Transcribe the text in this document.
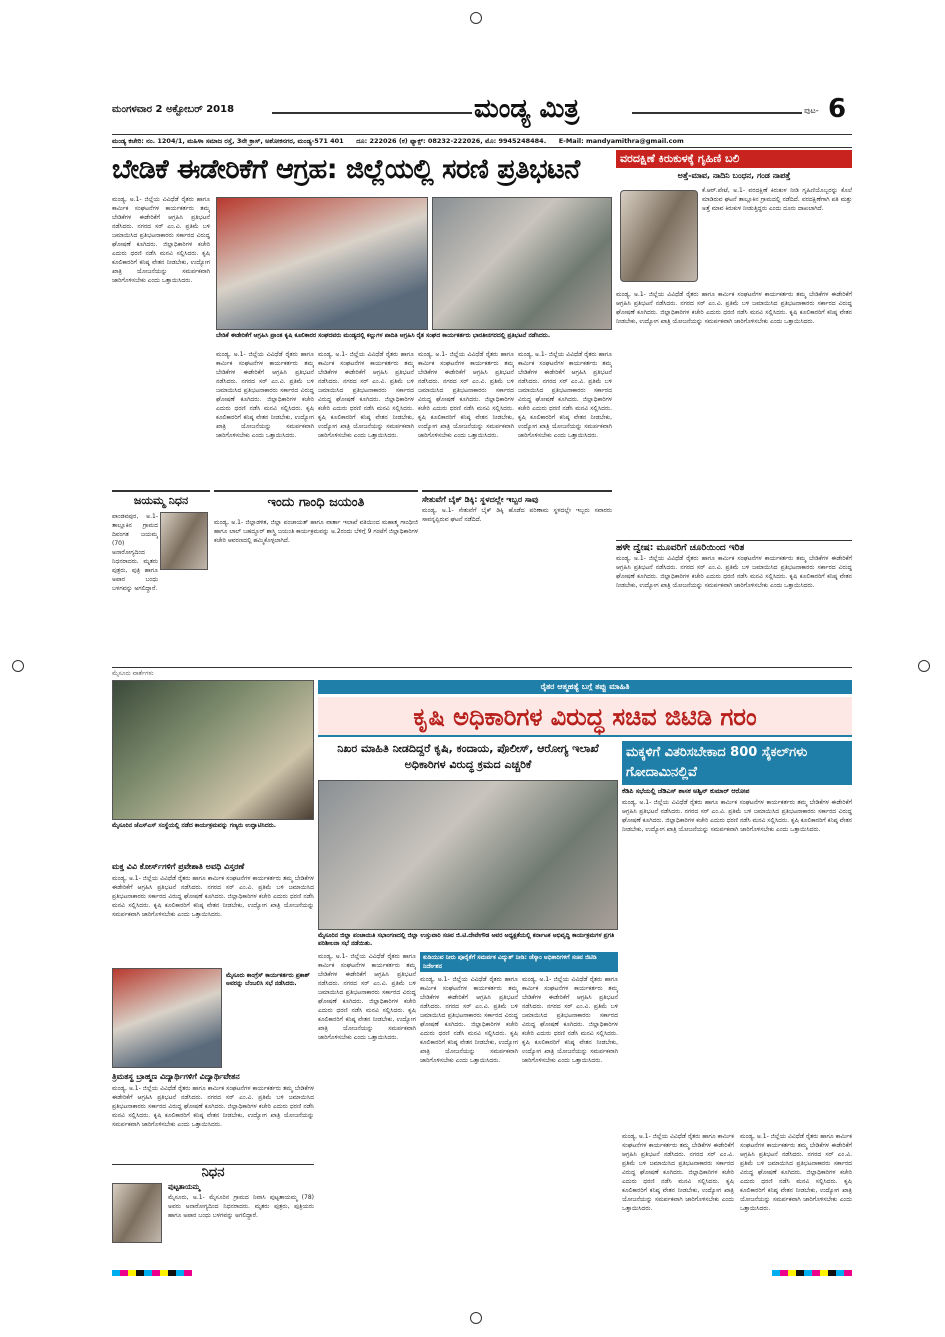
ಮಂಗಳವಾರ 2 ಅಕ್ಟೋಬರ್ 2018	ಮಂಡ್ಯ ಮಿತ್ರ	ಪುಟ- 6
ಮಂಡ್ಯ ಕಚೇರಿ: ನಂ. 1204/1, ಮಹಿಳಾ ಸಮಾಜ ರಸ್ತೆ, 3ನೇ ಕ್ರಾಸ್, ಅಶೋಕನಗರ, ಮಂಡ್ಯ-571 401 ದೂ: 222026 (ಕ) ಫ್ಯಾಕ್ಸ್: 08232-222026, ಮೊ: 9945248484. E-Mail: mandyamithra@gmail.com
ಬೇಡಿಕೆ ಈಡೇರಿಕೆಗೆ ಆಗ್ರಹ: ಜಿಲ್ಲೆಯಲ್ಲಿ ಸರಣಿ ಪ್ರತಿಭಟನೆ
ಮಂಡ್ಯ, ಅ.1- ಜಿಲ್ಲೆಯ ವಿವಿಧೆಡೆ ರೈತರು ಹಾಗೂ ಕಾರ್ಮಿಕ ಸಂಘಟನೆಗಳ ಕಾರ್ಯಕರ್ತರು ತಮ್ಮ ಬೇಡಿಕೆಗಳ ಈಡೇರಿಕೆಗೆ ಆಗ್ರಹಿಸಿ ಪ್ರತಿಭಟನೆ ನಡೆಸಿದರು. ನಗರದ ಸರ್ ಎಂ.ವಿ. ಪ್ರತಿಮೆ ಬಳಿ ಜಮಾಯಿಸಿದ ಪ್ರತಿಭಟನಾಕಾರರು ಸರ್ಕಾರದ ವಿರುದ್ಧ ಘೋಷಣೆ ಕೂಗಿದರು. ಜಿಲ್ಲಾಧಿಕಾರಿಗಳ ಕಚೇರಿ ಎದುರು ಧರಣಿ ನಡೆಸಿ ಮನವಿ ಸಲ್ಲಿಸಿದರು. ಕೃಷಿ ಕೂಲಿಕಾರರಿಗೆ ಕನಿಷ್ಠ ವೇತನ ನೀಡಬೇಕು, ಉದ್ಯೋಗ ಖಾತ್ರಿ ಯೋಜನೆಯನ್ನು ಸಮರ್ಪಕವಾಗಿ ಜಾರಿಗೊಳಿಸಬೇಕು ಎಂದು ಒತ್ತಾಯಿಸಿದರು.
ಬೇಡಿಕೆ ಈಡೇರಿಕೆಗೆ ಆಗ್ರಹಿಸಿ ಪ್ರಾಂತ ಕೃಷಿ ಕೂಲಿಕಾರರ ಸಂಘದವರು ಮಂಡ್ಯದಲ್ಲಿ ಕಲ್ಲುಗಳ ಪಾದಿತಿ ಆಗ್ರಹಿಸಿ ರೈತ ಸಂಘದ ಕಾರ್ಯಕರ್ತರು ಭಾರತೀನಗರದಲ್ಲಿ ಪ್ರತಿಭಟನೆ ನಡೆಸಿದರು.
ಮಂಡ್ಯ, ಅ.1- ಜಿಲ್ಲೆಯ ವಿವಿಧೆಡೆ ರೈತರು ಹಾಗೂ ಕಾರ್ಮಿಕ ಸಂಘಟನೆಗಳ ಕಾರ್ಯಕರ್ತರು ತಮ್ಮ ಬೇಡಿಕೆಗಳ ಈಡೇರಿಕೆಗೆ ಆಗ್ರಹಿಸಿ ಪ್ರತಿಭಟನೆ ನಡೆಸಿದರು. ನಗರದ ಸರ್ ಎಂ.ವಿ. ಪ್ರತಿಮೆ ಬಳಿ ಜಮಾಯಿಸಿದ ಪ್ರತಿಭಟನಾಕಾರರು ಸರ್ಕಾರದ ವಿರುದ್ಧ ಘೋಷಣೆ ಕೂಗಿದರು. ಜಿಲ್ಲಾಧಿಕಾರಿಗಳ ಕಚೇರಿ ಎದುರು ಧರಣಿ ನಡೆಸಿ ಮನವಿ ಸಲ್ಲಿಸಿದರು. ಕೃಷಿ ಕೂಲಿಕಾರರಿಗೆ ಕನಿಷ್ಠ ವೇತನ ನೀಡಬೇಕು, ಉದ್ಯೋಗ ಖಾತ್ರಿ ಯೋಜನೆಯನ್ನು ಸಮರ್ಪಕವಾಗಿ ಜಾರಿಗೊಳಿಸಬೇಕು ಎಂದು ಒತ್ತಾಯಿಸಿದರು.
ಮಂಡ್ಯ, ಅ.1- ಜಿಲ್ಲೆಯ ವಿವಿಧೆಡೆ ರೈತರು ಹಾಗೂ ಕಾರ್ಮಿಕ ಸಂಘಟನೆಗಳ ಕಾರ್ಯಕರ್ತರು ತಮ್ಮ ಬೇಡಿಕೆಗಳ ಈಡೇರಿಕೆಗೆ ಆಗ್ರಹಿಸಿ ಪ್ರತಿಭಟನೆ ನಡೆಸಿದರು. ನಗರದ ಸರ್ ಎಂ.ವಿ. ಪ್ರತಿಮೆ ಬಳಿ ಜಮಾಯಿಸಿದ ಪ್ರತಿಭಟನಾಕಾರರು ಸರ್ಕಾರದ ವಿರುದ್ಧ ಘೋಷಣೆ ಕೂಗಿದರು. ಜಿಲ್ಲಾಧಿಕಾರಿಗಳ ಕಚೇರಿ ಎದುರು ಧರಣಿ ನಡೆಸಿ ಮನವಿ ಸಲ್ಲಿಸಿದರು. ಕೃಷಿ ಕೂಲಿಕಾರರಿಗೆ ಕನಿಷ್ಠ ವೇತನ ನೀಡಬೇಕು, ಉದ್ಯೋಗ ಖಾತ್ರಿ ಯೋಜನೆಯನ್ನು ಸಮರ್ಪಕವಾಗಿ ಜಾರಿಗೊಳಿಸಬೇಕು ಎಂದು ಒತ್ತಾಯಿಸಿದರು.
ಮಂಡ್ಯ, ಅ.1- ಜಿಲ್ಲೆಯ ವಿವಿಧೆಡೆ ರೈತರು ಹಾಗೂ ಕಾರ್ಮಿಕ ಸಂಘಟನೆಗಳ ಕಾರ್ಯಕರ್ತರು ತಮ್ಮ ಬೇಡಿಕೆಗಳ ಈಡೇರಿಕೆಗೆ ಆಗ್ರಹಿಸಿ ಪ್ರತಿಭಟನೆ ನಡೆಸಿದರು. ನಗರದ ಸರ್ ಎಂ.ವಿ. ಪ್ರತಿಮೆ ಬಳಿ ಜಮಾಯಿಸಿದ ಪ್ರತಿಭಟನಾಕಾರರು ಸರ್ಕಾರದ ವಿರುದ್ಧ ಘೋಷಣೆ ಕೂಗಿದರು. ಜಿಲ್ಲಾಧಿಕಾರಿಗಳ ಕಚೇರಿ ಎದುರು ಧರಣಿ ನಡೆಸಿ ಮನವಿ ಸಲ್ಲಿಸಿದರು. ಕೃಷಿ ಕೂಲಿಕಾರರಿಗೆ ಕನಿಷ್ಠ ವೇತನ ನೀಡಬೇಕು, ಉದ್ಯೋಗ ಖಾತ್ರಿ ಯೋಜನೆಯನ್ನು ಸಮರ್ಪಕವಾಗಿ ಜಾರಿಗೊಳಿಸಬೇಕು ಎಂದು ಒತ್ತಾಯಿಸಿದರು.
ಮಂಡ್ಯ, ಅ.1- ಜಿಲ್ಲೆಯ ವಿವಿಧೆಡೆ ರೈತರು ಹಾಗೂ ಕಾರ್ಮಿಕ ಸಂಘಟನೆಗಳ ಕಾರ್ಯಕರ್ತರು ತಮ್ಮ ಬೇಡಿಕೆಗಳ ಈಡೇರಿಕೆಗೆ ಆಗ್ರಹಿಸಿ ಪ್ರತಿಭಟನೆ ನಡೆಸಿದರು. ನಗರದ ಸರ್ ಎಂ.ವಿ. ಪ್ರತಿಮೆ ಬಳಿ ಜಮಾಯಿಸಿದ ಪ್ರತಿಭಟನಾಕಾರರು ಸರ್ಕಾರದ ವಿರುದ್ಧ ಘೋಷಣೆ ಕೂಗಿದರು. ಜಿಲ್ಲಾಧಿಕಾರಿಗಳ ಕಚೇರಿ ಎದುರು ಧರಣಿ ನಡೆಸಿ ಮನವಿ ಸಲ್ಲಿಸಿದರು. ಕೃಷಿ ಕೂಲಿಕಾರರಿಗೆ ಕನಿಷ್ಠ ವೇತನ ನೀಡಬೇಕು, ಉದ್ಯೋಗ ಖಾತ್ರಿ ಯೋಜನೆಯನ್ನು ಸಮರ್ಪಕವಾಗಿ ಜಾರಿಗೊಳಿಸಬೇಕು ಎಂದು ಒತ್ತಾಯಿಸಿದರು.
ಜಯಮ್ಮ ನಿಧನ
ಪಾಂಡವಪುರ, ಅ.1- ತಾಲ್ಲೂಕಿನ ಗ್ರಾಮದ ದಿವಂಗತ ಜಯಮ್ಮ (70) ಅನಾರೋಗ್ಯದಿಂದ ನಿಧನರಾದರು. ಮೃತರು ಪುತ್ರರು, ಪುತ್ರಿ ಹಾಗೂ ಅಪಾರ ಬಂಧು ಬಳಗವನ್ನು ಅಗಲಿದ್ದಾರೆ.
ಇಂದು ಗಾಂಧಿ ಜಯಂತಿ
ಮಂಡ್ಯ, ಅ.1- ಜಿಲ್ಲಾಡಳಿತ, ಜಿಲ್ಲಾ ಪಂಚಾಯತ್ ಹಾಗೂ ವಾರ್ತಾ ಇಲಾಖೆ ವತಿಯಿಂದ ಮಹಾತ್ಮ ಗಾಂಧೀಜಿ ಹಾಗೂ ಲಾಲ್ ಬಹದ್ದೂರ್ ಶಾಸ್ತ್ರಿ ಜಯಂತಿ ಕಾರ್ಯಕ್ರಮವನ್ನು ಅ.2ರಂದು ಬೆಳಿಗ್ಗೆ 9 ಗಂಟೆಗೆ ಜಿಲ್ಲಾಧಿಕಾರಿಗಳ ಕಚೇರಿ ಆವರಣದಲ್ಲಿ ಹಮ್ಮಿಕೊಳ್ಳಲಾಗಿದೆ.
ಸೇತುವೆಗೆ ಬೈಕ್ ಡಿಕ್ಕಿ: ಸ್ಥಳದಲ್ಲೇ ಇಬ್ಬರ ಸಾವು
ಮಂಡ್ಯ, ಅ.1- ಸೇತುವೆಗೆ ಬೈಕ್ ಡಿಕ್ಕಿ ಹೊಡೆದ ಪರಿಣಾಮ ಸ್ಥಳದಲ್ಲೇ ಇಬ್ಬರು ಸವಾರರು ಸಾವನ್ನಪ್ಪಿರುವ ಘಟನೆ ನಡೆದಿದೆ.
ವರದಕ್ಷಿಣೆ ಕಿರುಕುಳಕ್ಕೆ ಗೃಹಿಣಿ ಬಲಿ
ಅತ್ತೆ-ಮಾವ, ನಾದಿನಿ ಬಂಧನ, ಗಂಡ ನಾಪತ್ತೆ
ಕೆ.ಆರ್.ಪೇಟೆ, ಅ.1- ವರದಕ್ಷಿಣೆ ಕಿರುಕುಳ ನೀಡಿ ಗೃಹಿಣಿಯೊಬ್ಬರನ್ನು ಕೊಲೆ ಮಾಡಿರುವ ಘಟನೆ ತಾಲ್ಲೂಕಿನ ಗ್ರಾಮದಲ್ಲಿ ನಡೆದಿದೆ. ವರದಕ್ಷಿಣೆಗಾಗಿ ಪತಿ ಮತ್ತು ಅತ್ತೆ ಮಾವ ಕಿರುಕುಳ ನೀಡುತ್ತಿದ್ದರು ಎಂದು ದೂರು ದಾಖಲಾಗಿದೆ.
ಮಂಡ್ಯ, ಅ.1- ಜಿಲ್ಲೆಯ ವಿವಿಧೆಡೆ ರೈತರು ಹಾಗೂ ಕಾರ್ಮಿಕ ಸಂಘಟನೆಗಳ ಕಾರ್ಯಕರ್ತರು ತಮ್ಮ ಬೇಡಿಕೆಗಳ ಈಡೇರಿಕೆಗೆ ಆಗ್ರಹಿಸಿ ಪ್ರತಿಭಟನೆ ನಡೆಸಿದರು. ನಗರದ ಸರ್ ಎಂ.ವಿ. ಪ್ರತಿಮೆ ಬಳಿ ಜಮಾಯಿಸಿದ ಪ್ರತಿಭಟನಾಕಾರರು ಸರ್ಕಾರದ ವಿರುದ್ಧ ಘೋಷಣೆ ಕೂಗಿದರು. ಜಿಲ್ಲಾಧಿಕಾರಿಗಳ ಕಚೇರಿ ಎದುರು ಧರಣಿ ನಡೆಸಿ ಮನವಿ ಸಲ್ಲಿಸಿದರು. ಕೃಷಿ ಕೂಲಿಕಾರರಿಗೆ ಕನಿಷ್ಠ ವೇತನ ನೀಡಬೇಕು, ಉದ್ಯೋಗ ಖಾತ್ರಿ ಯೋಜನೆಯನ್ನು ಸಮರ್ಪಕವಾಗಿ ಜಾರಿಗೊಳಿಸಬೇಕು ಎಂದು ಒತ್ತಾಯಿಸಿದರು.
ಹಳೇ ದ್ವೇಷ: ಮೂವರಿಗೆ ಚೂರಿಯಿಂದ ಇರಿತ
ಮಂಡ್ಯ, ಅ.1- ಜಿಲ್ಲೆಯ ವಿವಿಧೆಡೆ ರೈತರು ಹಾಗೂ ಕಾರ್ಮಿಕ ಸಂಘಟನೆಗಳ ಕಾರ್ಯಕರ್ತರು ತಮ್ಮ ಬೇಡಿಕೆಗಳ ಈಡೇರಿಕೆಗೆ ಆಗ್ರಹಿಸಿ ಪ್ರತಿಭಟನೆ ನಡೆಸಿದರು. ನಗರದ ಸರ್ ಎಂ.ವಿ. ಪ್ರತಿಮೆ ಬಳಿ ಜಮಾಯಿಸಿದ ಪ್ರತಿಭಟನಾಕಾರರು ಸರ್ಕಾರದ ವಿರುದ್ಧ ಘೋಷಣೆ ಕೂಗಿದರು. ಜಿಲ್ಲಾಧಿಕಾರಿಗಳ ಕಚೇರಿ ಎದುರು ಧರಣಿ ನಡೆಸಿ ಮನವಿ ಸಲ್ಲಿಸಿದರು. ಕೃಷಿ ಕೂಲಿಕಾರರಿಗೆ ಕನಿಷ್ಠ ವೇತನ ನೀಡಬೇಕು, ಉದ್ಯೋಗ ಖಾತ್ರಿ ಯೋಜನೆಯನ್ನು ಸಮರ್ಪಕವಾಗಿ ಜಾರಿಗೊಳಿಸಬೇಕು ಎಂದು ಒತ್ತಾಯಿಸಿದರು.
ಮೈಸೂರು ವಾರ್ತೆಗಳು
ಮೈಸೂರಿನ ಜೆಎಸ್‌ಎಸ್ ಸಂಸ್ಥೆಯಲ್ಲಿ ನಡೆದ ಕಾರ್ಯಕ್ರಮವನ್ನು ಗಣ್ಯರು ಉದ್ಘಾಟಿಸಿದರು.
ಮಕ್ತ ವಿವಿ ಕೋರ್ಸ್‌ಗಳಿಗೆ ಪ್ರವೇಶಾತಿ ಅವಧಿ ವಿಸ್ತರಣೆ
ಮಂಡ್ಯ, ಅ.1- ಜಿಲ್ಲೆಯ ವಿವಿಧೆಡೆ ರೈತರು ಹಾಗೂ ಕಾರ್ಮಿಕ ಸಂಘಟನೆಗಳ ಕಾರ್ಯಕರ್ತರು ತಮ್ಮ ಬೇಡಿಕೆಗಳ ಈಡೇರಿಕೆಗೆ ಆಗ್ರಹಿಸಿ ಪ್ರತಿಭಟನೆ ನಡೆಸಿದರು. ನಗರದ ಸರ್ ಎಂ.ವಿ. ಪ್ರತಿಮೆ ಬಳಿ ಜಮಾಯಿಸಿದ ಪ್ರತಿಭಟನಾಕಾರರು ಸರ್ಕಾರದ ವಿರುದ್ಧ ಘೋಷಣೆ ಕೂಗಿದರು. ಜಿಲ್ಲಾಧಿಕಾರಿಗಳ ಕಚೇರಿ ಎದುರು ಧರಣಿ ನಡೆಸಿ ಮನವಿ ಸಲ್ಲಿಸಿದರು. ಕೃಷಿ ಕೂಲಿಕಾರರಿಗೆ ಕನಿಷ್ಠ ವೇತನ ನೀಡಬೇಕು, ಉದ್ಯೋಗ ಖಾತ್ರಿ ಯೋಜನೆಯನ್ನು ಸಮರ್ಪಕವಾಗಿ ಜಾರಿಗೊಳಿಸಬೇಕು ಎಂದು ಒತ್ತಾಯಿಸಿದರು.
ಮೈಸೂರು ಕಾಂಗ್ರೆಸ್ ಕಾರ್ಯಕರ್ತರು ಪ್ರಕಾಶ್ ಅವರನ್ನು ಬೆಂಬಲಿಸಿ ಸಭೆ ನಡೆಸಿದರು.
ತ್ರಿಮತಸ್ಥ ಬ್ರಾಹ್ಮಣ ವಿದ್ಯಾರ್ಥಿಗಳಿಗೆ ವಿದ್ಯಾರ್ಥಿವೇತನ
ಮಂಡ್ಯ, ಅ.1- ಜಿಲ್ಲೆಯ ವಿವಿಧೆಡೆ ರೈತರು ಹಾಗೂ ಕಾರ್ಮಿಕ ಸಂಘಟನೆಗಳ ಕಾರ್ಯಕರ್ತರು ತಮ್ಮ ಬೇಡಿಕೆಗಳ ಈಡೇರಿಕೆಗೆ ಆಗ್ರಹಿಸಿ ಪ್ರತಿಭಟನೆ ನಡೆಸಿದರು. ನಗರದ ಸರ್ ಎಂ.ವಿ. ಪ್ರತಿಮೆ ಬಳಿ ಜಮಾಯಿಸಿದ ಪ್ರತಿಭಟನಾಕಾರರು ಸರ್ಕಾರದ ವಿರುದ್ಧ ಘೋಷಣೆ ಕೂಗಿದರು. ಜಿಲ್ಲಾಧಿಕಾರಿಗಳ ಕಚೇರಿ ಎದುರು ಧರಣಿ ನಡೆಸಿ ಮನವಿ ಸಲ್ಲಿಸಿದರು. ಕೃಷಿ ಕೂಲಿಕಾರರಿಗೆ ಕನಿಷ್ಠ ವೇತನ ನೀಡಬೇಕು, ಉದ್ಯೋಗ ಖಾತ್ರಿ ಯೋಜನೆಯನ್ನು ಸಮರ್ಪಕವಾಗಿ ಜಾರಿಗೊಳಿಸಬೇಕು ಎಂದು ಒತ್ತಾಯಿಸಿದರು.
ನಿಧನ
ಪುಟ್ಟತಾಯಮ್ಮ
ಮೈಸೂರು, ಅ.1- ಮೈಸೂರಿನ ಗ್ರಾಮದ ನಿವಾಸಿ ಪುಟ್ಟತಾಯಮ್ಮ (78) ಅವರು ಅನಾರೋಗ್ಯದಿಂದ ನಿಧನರಾದರು. ಮೃತರು ಪುತ್ರರು, ಪುತ್ರಿಯರು ಹಾಗೂ ಅಪಾರ ಬಂಧು ಬಳಗವನ್ನು ಅಗಲಿದ್ದಾರೆ.
ರೈತರ ಆತ್ಮಹತ್ಯೆ ಬಗ್ಗೆ ತಪ್ಪು ಮಾಹಿತಿ
ಕೃಷಿ ಅಧಿಕಾರಿಗಳ ವಿರುದ್ಧ ಸಚಿವ ಜಿಟಿಡಿ ಗರಂ
ನಿಖರ ಮಾಹಿತಿ ನೀಡದಿದ್ದರೆ ಕೃಷಿ, ಕಂದಾಯ, ಪೊಲೀಸ್, ಆರೋಗ್ಯ ಇಲಾಖೆ ಅಧಿಕಾರಿಗಳ ವಿರುದ್ಧ ಕ್ರಮದ ಎಚ್ಚರಿಕೆ
ಮೈಸೂರಿನ ಜಿಲ್ಲಾ ಪಂಚಾಯಿತಿ ಸಭಾಂಗಣದಲ್ಲಿ ಜಿಲ್ಲಾ ಉಸ್ತುವಾರಿ ಸಚಿವ ಜಿ.ಟಿ.ದೇವೇಗೌಡ ಅವರ ಅಧ್ಯಕ್ಷತೆಯಲ್ಲಿ ಕರ್ನಾಟಕ ಅಭಿವೃದ್ಧಿ ಕಾರ್ಯಕ್ರಮಗಳ ಪ್ರಗತಿ ಪರಿಶೀಲನಾ ಸಭೆ ನಡೆಯಿತು.
ಮಂಡ್ಯ, ಅ.1- ಜಿಲ್ಲೆಯ ವಿವಿಧೆಡೆ ರೈತರು ಹಾಗೂ ಕಾರ್ಮಿಕ ಸಂಘಟನೆಗಳ ಕಾರ್ಯಕರ್ತರು ತಮ್ಮ ಬೇಡಿಕೆಗಳ ಈಡೇರಿಕೆಗೆ ಆಗ್ರಹಿಸಿ ಪ್ರತಿಭಟನೆ ನಡೆಸಿದರು. ನಗರದ ಸರ್ ಎಂ.ವಿ. ಪ್ರತಿಮೆ ಬಳಿ ಜಮಾಯಿಸಿದ ಪ್ರತಿಭಟನಾಕಾರರು ಸರ್ಕಾರದ ವಿರುದ್ಧ ಘೋಷಣೆ ಕೂಗಿದರು. ಜಿಲ್ಲಾಧಿಕಾರಿಗಳ ಕಚೇರಿ ಎದುರು ಧರಣಿ ನಡೆಸಿ ಮನವಿ ಸಲ್ಲಿಸಿದರು. ಕೃಷಿ ಕೂಲಿಕಾರರಿಗೆ ಕನಿಷ್ಠ ವೇತನ ನೀಡಬೇಕು, ಉದ್ಯೋಗ ಖಾತ್ರಿ ಯೋಜನೆಯನ್ನು ಸಮರ್ಪಕವಾಗಿ ಜಾರಿಗೊಳಿಸಬೇಕು ಎಂದು ಒತ್ತಾಯಿಸಿದರು.
ಕುಡಿಯುವ ನೀರು ಪೂರೈಕೆಗೆ ಸಮರ್ಪಕ ವಿದ್ಯುತ್ ನೀಡಿ: ಚೆಸ್ಕಾಂ ಅಧಿಕಾರಿಗಳಿಗೆ ಸಚಿವ ಜಿಟಿಡಿ ನಿರ್ದೇಶನ
ಮಂಡ್ಯ, ಅ.1- ಜಿಲ್ಲೆಯ ವಿವಿಧೆಡೆ ರೈತರು ಹಾಗೂ ಕಾರ್ಮಿಕ ಸಂಘಟನೆಗಳ ಕಾರ್ಯಕರ್ತರು ತಮ್ಮ ಬೇಡಿಕೆಗಳ ಈಡೇರಿಕೆಗೆ ಆಗ್ರಹಿಸಿ ಪ್ರತಿಭಟನೆ ನಡೆಸಿದರು. ನಗರದ ಸರ್ ಎಂ.ವಿ. ಪ್ರತಿಮೆ ಬಳಿ ಜಮಾಯಿಸಿದ ಪ್ರತಿಭಟನಾಕಾರರು ಸರ್ಕಾರದ ವಿರುದ್ಧ ಘೋಷಣೆ ಕೂಗಿದರು. ಜಿಲ್ಲಾಧಿಕಾರಿಗಳ ಕಚೇರಿ ಎದುರು ಧರಣಿ ನಡೆಸಿ ಮನವಿ ಸಲ್ಲಿಸಿದರು. ಕೃಷಿ ಕೂಲಿಕಾರರಿಗೆ ಕನಿಷ್ಠ ವೇತನ ನೀಡಬೇಕು, ಉದ್ಯೋಗ ಖಾತ್ರಿ ಯೋಜನೆಯನ್ನು ಸಮರ್ಪಕವಾಗಿ ಜಾರಿಗೊಳಿಸಬೇಕು ಎಂದು ಒತ್ತಾಯಿಸಿದರು.
ಮಂಡ್ಯ, ಅ.1- ಜಿಲ್ಲೆಯ ವಿವಿಧೆಡೆ ರೈತರು ಹಾಗೂ ಕಾರ್ಮಿಕ ಸಂಘಟನೆಗಳ ಕಾರ್ಯಕರ್ತರು ತಮ್ಮ ಬೇಡಿಕೆಗಳ ಈಡೇರಿಕೆಗೆ ಆಗ್ರಹಿಸಿ ಪ್ರತಿಭಟನೆ ನಡೆಸಿದರು. ನಗರದ ಸರ್ ಎಂ.ವಿ. ಪ್ರತಿಮೆ ಬಳಿ ಜಮಾಯಿಸಿದ ಪ್ರತಿಭಟನಾಕಾರರು ಸರ್ಕಾರದ ವಿರುದ್ಧ ಘೋಷಣೆ ಕೂಗಿದರು. ಜಿಲ್ಲಾಧಿಕಾರಿಗಳ ಕಚೇರಿ ಎದುರು ಧರಣಿ ನಡೆಸಿ ಮನವಿ ಸಲ್ಲಿಸಿದರು. ಕೃಷಿ ಕೂಲಿಕಾರರಿಗೆ ಕನಿಷ್ಠ ವೇತನ ನೀಡಬೇಕು, ಉದ್ಯೋಗ ಖಾತ್ರಿ ಯೋಜನೆಯನ್ನು ಸಮರ್ಪಕವಾಗಿ ಜಾರಿಗೊಳಿಸಬೇಕು ಎಂದು ಒತ್ತಾಯಿಸಿದರು.
ಮಕ್ಕಳಿಗೆ ವಿತರಿಸಬೇಕಾದ 800 ಸೈಕಲ್‌ಗಳು ಗೋದಾಮಿನಲ್ಲಿವೆ
ಕೆಡಿಪಿ ಸಭೆಯಲ್ಲಿ ಜೆಡಿಎಸ್ ಶಾಸಕ ಅಶ್ವಿನ್ ಕುಮಾರ್ ಆರೋಪ
ಮಂಡ್ಯ, ಅ.1- ಜಿಲ್ಲೆಯ ವಿವಿಧೆಡೆ ರೈತರು ಹಾಗೂ ಕಾರ್ಮಿಕ ಸಂಘಟನೆಗಳ ಕಾರ್ಯಕರ್ತರು ತಮ್ಮ ಬೇಡಿಕೆಗಳ ಈಡೇರಿಕೆಗೆ ಆಗ್ರಹಿಸಿ ಪ್ರತಿಭಟನೆ ನಡೆಸಿದರು. ನಗರದ ಸರ್ ಎಂ.ವಿ. ಪ್ರತಿಮೆ ಬಳಿ ಜಮಾಯಿಸಿದ ಪ್ರತಿಭಟನಾಕಾರರು ಸರ್ಕಾರದ ವಿರುದ್ಧ ಘೋಷಣೆ ಕೂಗಿದರು. ಜಿಲ್ಲಾಧಿಕಾರಿಗಳ ಕಚೇರಿ ಎದುರು ಧರಣಿ ನಡೆಸಿ ಮನವಿ ಸಲ್ಲಿಸಿದರು. ಕೃಷಿ ಕೂಲಿಕಾರರಿಗೆ ಕನಿಷ್ಠ ವೇತನ ನೀಡಬೇಕು, ಉದ್ಯೋಗ ಖಾತ್ರಿ ಯೋಜನೆಯನ್ನು ಸಮರ್ಪಕವಾಗಿ ಜಾರಿಗೊಳಿಸಬೇಕು ಎಂದು ಒತ್ತಾಯಿಸಿದರು.
ಮಂಡ್ಯ, ಅ.1- ಜಿಲ್ಲೆಯ ವಿವಿಧೆಡೆ ರೈತರು ಹಾಗೂ ಕಾರ್ಮಿಕ ಸಂಘಟನೆಗಳ ಕಾರ್ಯಕರ್ತರು ತಮ್ಮ ಬೇಡಿಕೆಗಳ ಈಡೇರಿಕೆಗೆ ಆಗ್ರಹಿಸಿ ಪ್ರತಿಭಟನೆ ನಡೆಸಿದರು. ನಗರದ ಸರ್ ಎಂ.ವಿ. ಪ್ರತಿಮೆ ಬಳಿ ಜಮಾಯಿಸಿದ ಪ್ರತಿಭಟನಾಕಾರರು ಸರ್ಕಾರದ ವಿರುದ್ಧ ಘೋಷಣೆ ಕೂಗಿದರು. ಜಿಲ್ಲಾಧಿಕಾರಿಗಳ ಕಚೇರಿ ಎದುರು ಧರಣಿ ನಡೆಸಿ ಮನವಿ ಸಲ್ಲಿಸಿದರು. ಕೃಷಿ ಕೂಲಿಕಾರರಿಗೆ ಕನಿಷ್ಠ ವೇತನ ನೀಡಬೇಕು, ಉದ್ಯೋಗ ಖಾತ್ರಿ ಯೋಜನೆಯನ್ನು ಸಮರ್ಪಕವಾಗಿ ಜಾರಿಗೊಳಿಸಬೇಕು ಎಂದು ಒತ್ತಾಯಿಸಿದರು.
ಮಂಡ್ಯ, ಅ.1- ಜಿಲ್ಲೆಯ ವಿವಿಧೆಡೆ ರೈತರು ಹಾಗೂ ಕಾರ್ಮಿಕ ಸಂಘಟನೆಗಳ ಕಾರ್ಯಕರ್ತರು ತಮ್ಮ ಬೇಡಿಕೆಗಳ ಈಡೇರಿಕೆಗೆ ಆಗ್ರಹಿಸಿ ಪ್ರತಿಭಟನೆ ನಡೆಸಿದರು. ನಗರದ ಸರ್ ಎಂ.ವಿ. ಪ್ರತಿಮೆ ಬಳಿ ಜಮಾಯಿಸಿದ ಪ್ರತಿಭಟನಾಕಾರರು ಸರ್ಕಾರದ ವಿರುದ್ಧ ಘೋಷಣೆ ಕೂಗಿದರು. ಜಿಲ್ಲಾಧಿಕಾರಿಗಳ ಕಚೇರಿ ಎದುರು ಧರಣಿ ನಡೆಸಿ ಮನವಿ ಸಲ್ಲಿಸಿದರು. ಕೃಷಿ ಕೂಲಿಕಾರರಿಗೆ ಕನಿಷ್ಠ ವೇತನ ನೀಡಬೇಕು, ಉದ್ಯೋಗ ಖಾತ್ರಿ ಯೋಜನೆಯನ್ನು ಸಮರ್ಪಕವಾಗಿ ಜಾರಿಗೊಳಿಸಬೇಕು ಎಂದು ಒತ್ತಾಯಿಸಿದರು.
